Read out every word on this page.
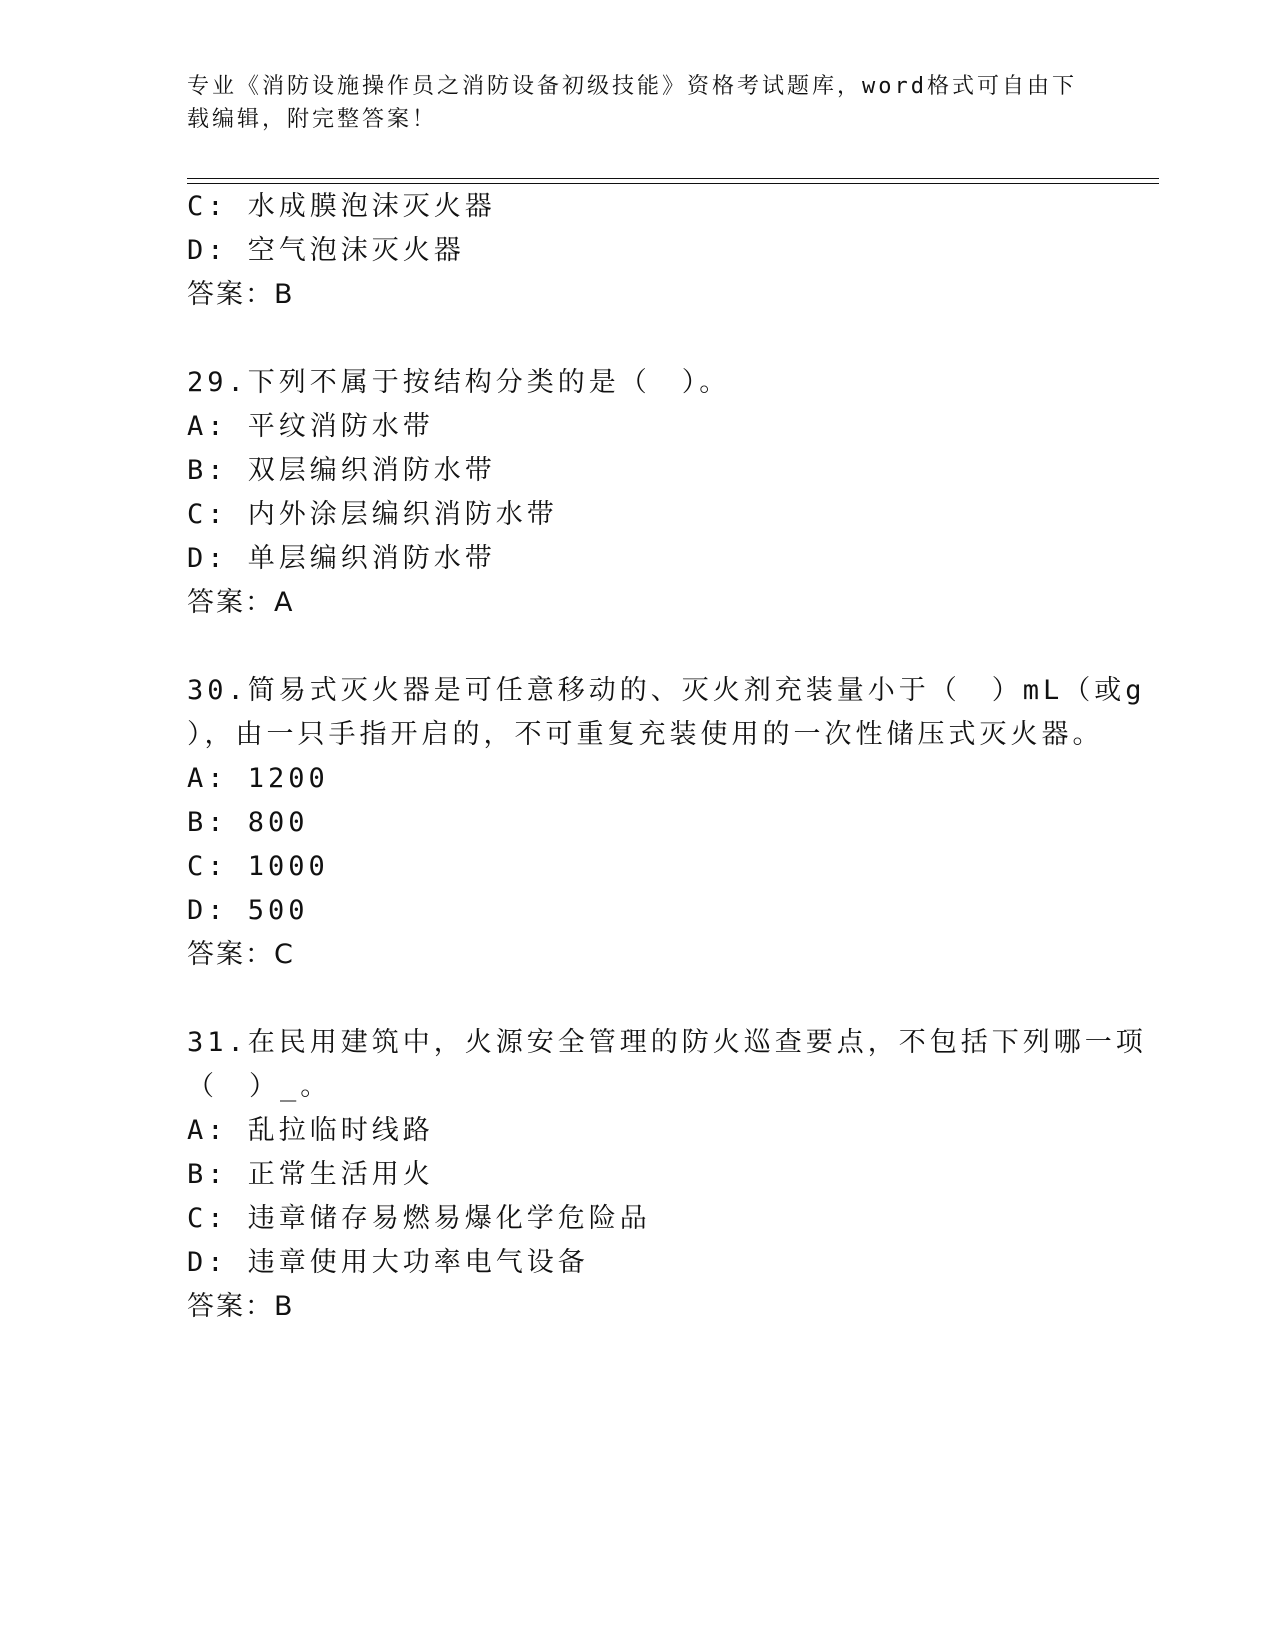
专业《消防设施操作员之消防设备初级技能》资格考试题库，word格式可自由下
载编辑，附完整答案！
C: 水成膜泡沫灭火器
D: 空气泡沫灭火器
答案：B
29.下列不属于按结构分类的是（　）。
A: 平纹消防水带
B: 双层编织消防水带
C: 内外涂层编织消防水带
D: 单层编织消防水带
答案：A
30.简易式灭火器是可任意移动的、灭火剂充装量小于（　）mL（或g
），由一只手指开启的，不可重复充装使用的一次性储压式灭火器。
A: 1200
B: 800
C: 1000
D: 500
答案：C
31.在民用建筑中，火源安全管理的防火巡查要点，不包括下列哪一项
（　）_。
A: 乱拉临时线路
B: 正常生活用火
C: 违章储存易燃易爆化学危险品
D: 违章使用大功率电气设备
答案：B
